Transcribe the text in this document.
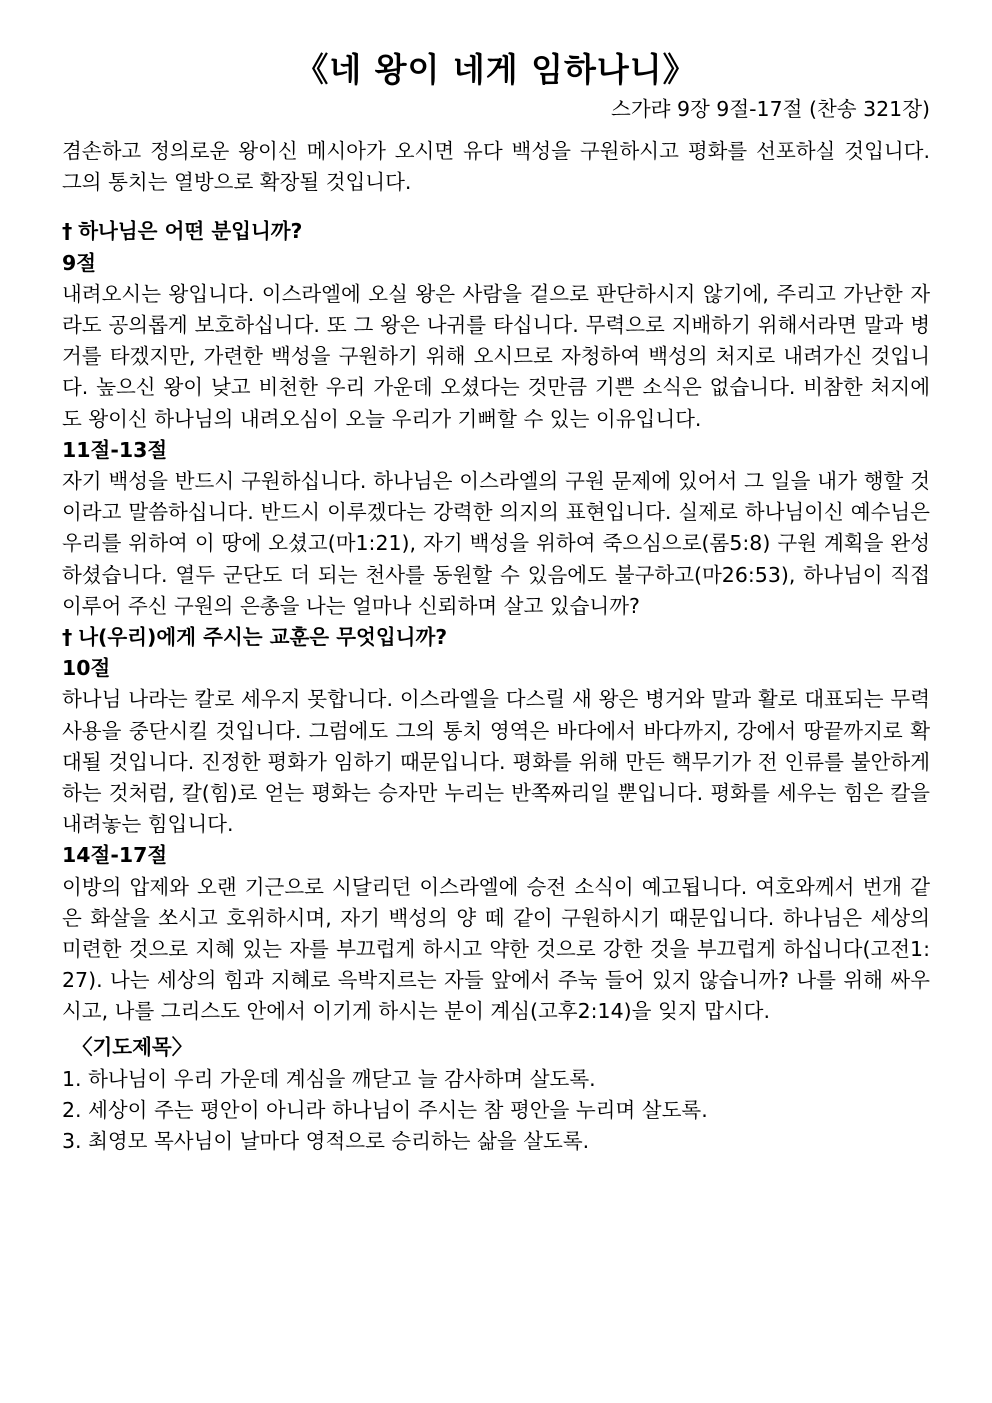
《네 왕이 네게 임하나니》
스가랴 9장 9절-17절 (찬송 321장)

겸손하고 정의로운 왕이신 메시아가 오시면 유다 백성을 구원하시고 평화를 선포하실 것입니다. 그의 통치는 열방으로 확장될 것입니다.

† 하나님은 어떤 분입니까?
9절

내려오시는 왕입니다. 이스라엘에 오실 왕은 사람을 겉으로 판단하시지 않기에, 주리고 가난한 자라도 공의롭게 보호하십니다. 또 그 왕은 나귀를 타십니다. 무력으로 지배하기 위해서라면 말과 병거를 타겠지만, 가련한 백성을 구원하기 위해 오시므로 자청하여 백성의 처지로 내려가신 것입니다. 높으신 왕이 낮고 비천한 우리 가운데 오셨다는 것만큼 기쁜 소식은 없습니다. 비참한 처지에도 왕이신 하나님의 내려오심이 오늘 우리가 기뻐할 수 있는 이유입니다.

11절-13절

자기 백성을 반드시 구원하십니다. 하나님은 이스라엘의 구원 문제에 있어서 그 일을 내가 행할 것이라고 말씀하십니다. 반드시 이루겠다는 강력한 의지의 표현입니다. 실제로 하나님이신 예수님은 우리를 위하여 이 땅에 오셨고(마1:21), 자기 백성을 위하여 죽으심으로(롬5:8) 구원 계획을 완성하셨습니다. 열두 군단도 더 되는 천사를 동원할 수 있음에도 불구하고(마26:53), 하나님이 직접 이루어 주신 구원의 은총을 나는 얼마나 신뢰하며 살고 있습니까?

† 나(우리)에게 주시는 교훈은 무엇입니까?
10절

하나님 나라는 칼로 세우지 못합니다. 이스라엘을 다스릴 새 왕은 병거와 말과 활로 대표되는 무력 사용을 중단시킬 것입니다. 그럼에도 그의 통치 영역은 바다에서 바다까지, 강에서 땅끝까지로 확대될 것입니다. 진정한 평화가 임하기 때문입니다. 평화를 위해 만든 핵무기가 전 인류를 불안하게 하는 것처럼, 칼(힘)로 얻는 평화는 승자만 누리는 반쪽짜리일 뿐입니다. 평화를 세우는 힘은 칼을 내려놓는 힘입니다.

14절-17절

이방의 압제와 오랜 기근으로 시달리던 이스라엘에 승전 소식이 예고됩니다. 여호와께서 번개 같은 화살을 쏘시고 호위하시며, 자기 백성의 양 떼 같이 구원하시기 때문입니다. 하나님은 세상의 미련한 것으로 지혜 있는 자를 부끄럽게 하시고 약한 것으로 강한 것을 부끄럽게 하십니다(고전1:27). 나는 세상의 힘과 지혜로 윽박지르는 자들 앞에서 주눅 들어 있지 않습니까? 나를 위해 싸우시고, 나를 그리스도 안에서 이기게 하시는 분이 계심(고후2:14)을 잊지 맙시다.

〈기도제목〉
1. 하나님이 우리 가운데 계심을 깨닫고 늘 감사하며 살도록.
2. 세상이 주는 평안이 아니라 하나님이 주시는 참 평안을 누리며 살도록.
3. 최영모 목사님이 날마다 영적으로 승리하는 삶을 살도록.
